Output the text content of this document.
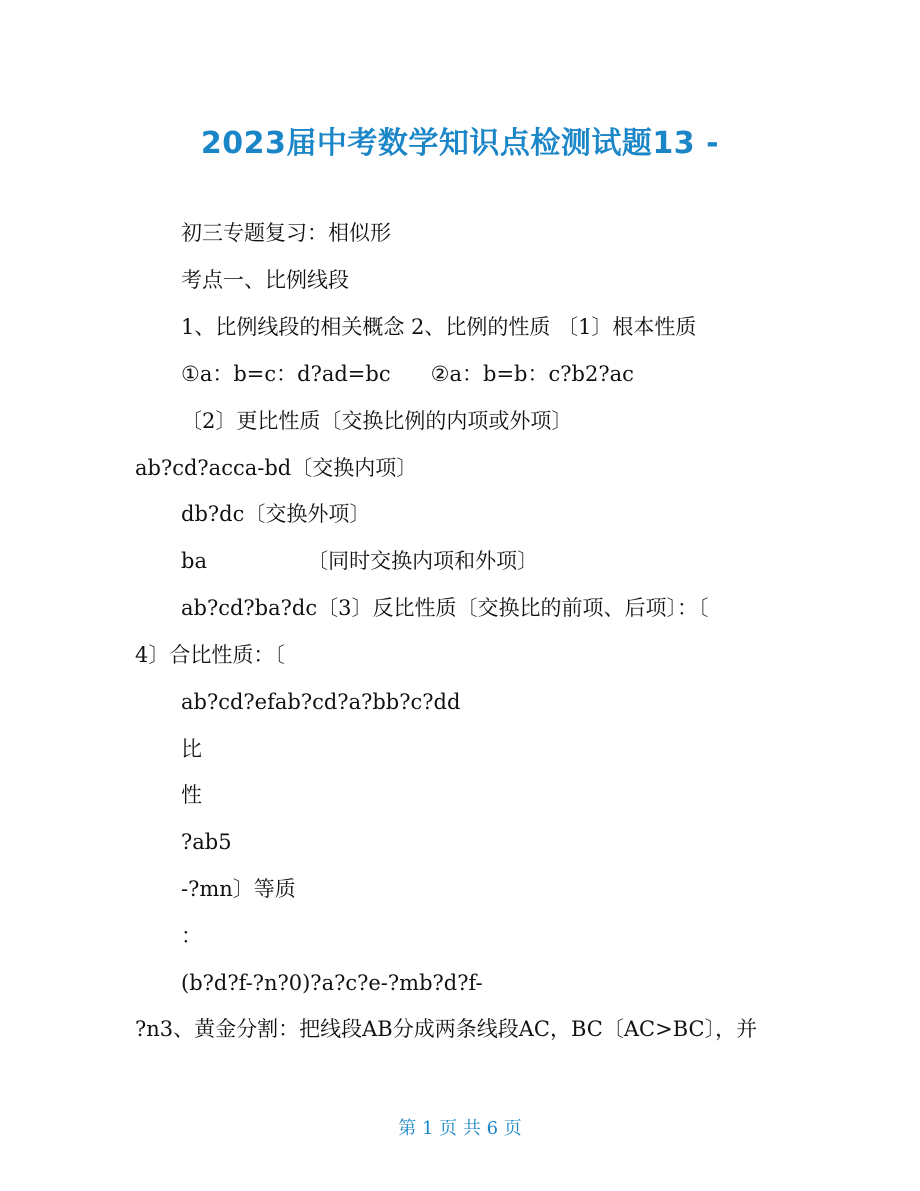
2023届中考数学知识点检测试题13 -

初三专题复习：相似形

考点一、比例线段

1、比例线段的相关概念 2、比例的性质 〔1〕根本性质

①a：b=c：d?ad=bc      ②a：b=b：c?b2?ac

〔2〕更比性质〔交换比例的内项或外项〕

ab?cd?acca-bd〔交换内项〕

db?dc〔交换外项〕

ba               〔同时交换内项和外项〕

ab?cd?ba?dc〔3〕反比性质〔交换比的前项、后项〕：〔

4〕合比性质：〔

ab?cd?efab?cd?a?bb?c?dd

比

性

?ab5

-?mn〕等质

：

(b?d?f-?n?0)?a?c?e-?mb?d?f-

?n3、黄金分割：把线段AB分成两条线段AC，BC〔AC>BC〕，并

第 1 页 共 6 页
